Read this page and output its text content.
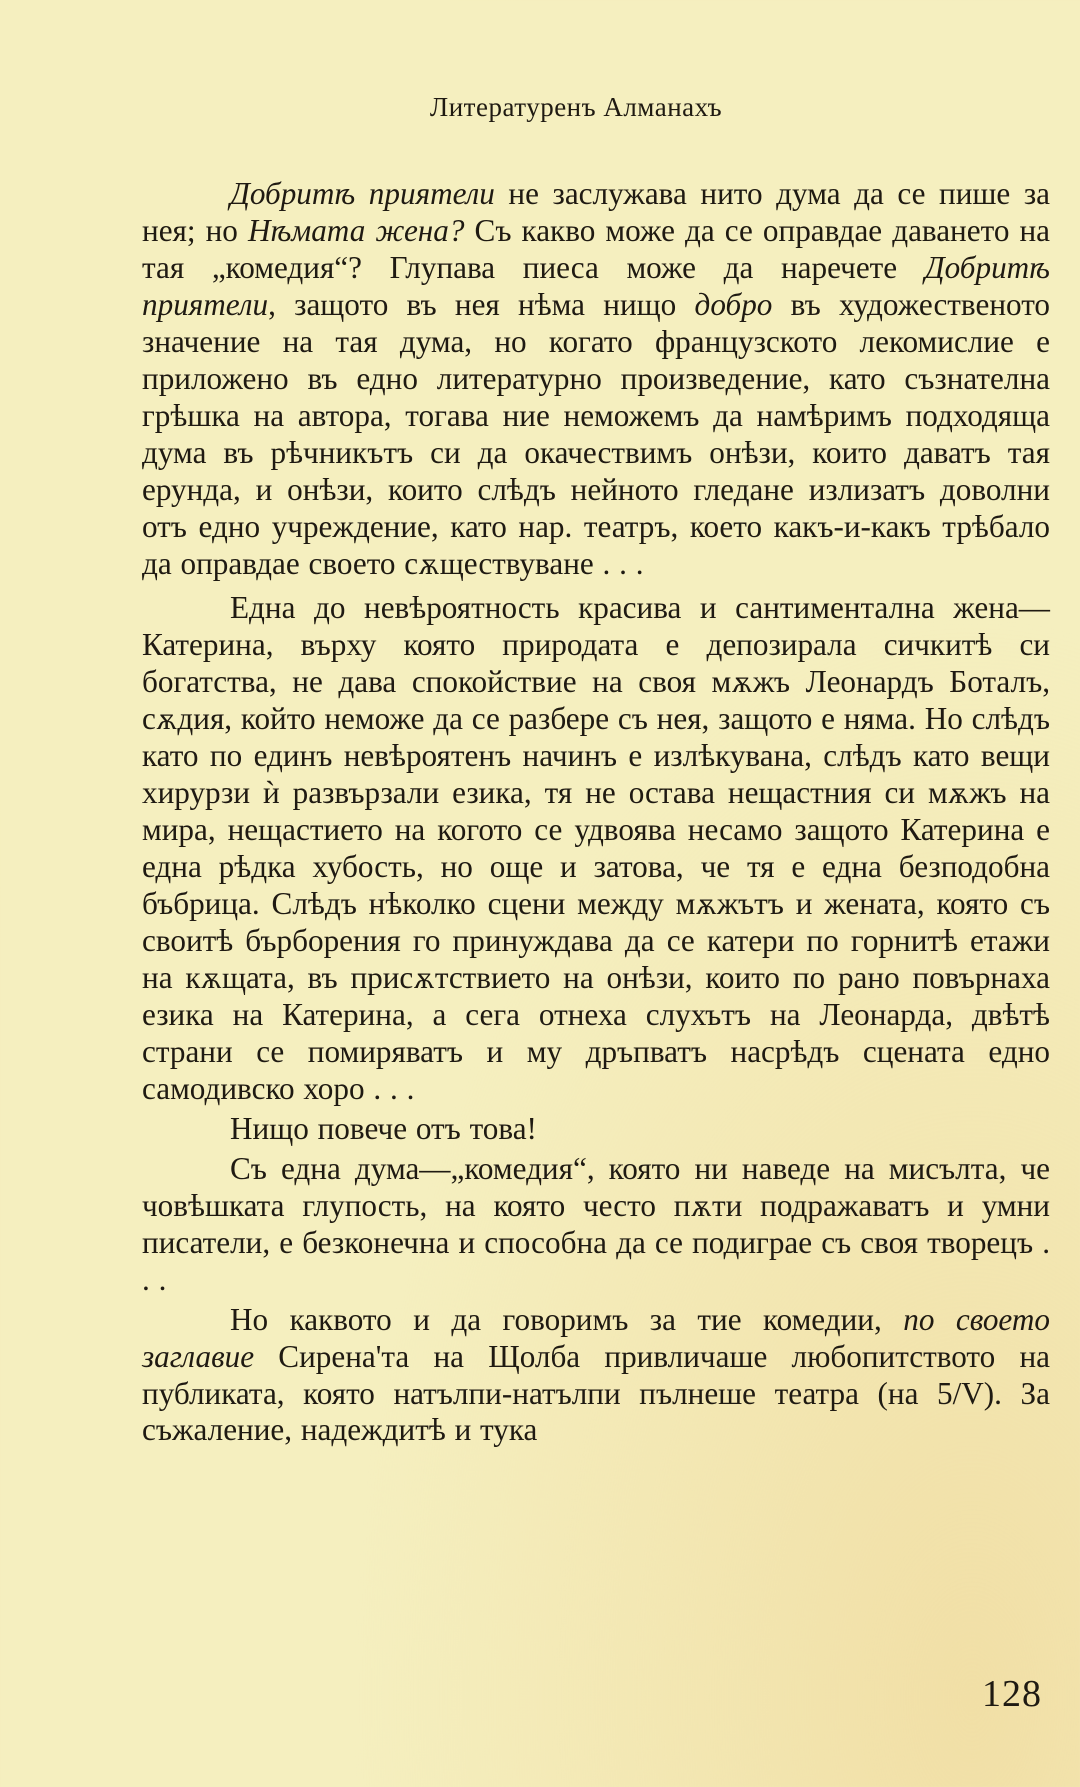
Литературенъ Алманахъ

Добритѣ приятели не заслужава нито дума да се пише за нея; но Нѣмата жена? Съ какво може да се оправдае даването на тая „комедия“? Глупава пиеса може да наречете Добритѣ приятели, защото въ нея нѣма нищо добро въ художественото значение на тая дума, но когато французското лекомислие е приложено въ едно литературно произведение, като съзнателна грѣшка на автора, тогава ние неможемъ да намѣримъ подходяща дума въ рѣчникътъ си да окачествимъ онѣзи, които даватъ тая ерунда, и онѣзи, които слѣдъ нейното гледане излизатъ доволни отъ едно учреждение, като нар. театръ, което какъ-и-какъ трѣбало да оправдае своето сѫществуване . . .

Една до невѣроятность красива и сантиментална жена—Катерина, върху която природата е депозирала сичкитѣ си богатства, не дава спокойствие на своя мѫжъ Леонардъ Боталъ, сѫдия, който неможе да се разбере съ нея, защото е няма. Но слѣдъ като по единъ невѣроятенъ начинъ е излѣкувана, слѣдъ като вещи хирурзи ѝ развързали езика, тя не остава нещастния си мѫжъ на мира, нещастието на когото се удвоява несамо защото Катерина е една рѣдка хубость, но още и затова, че тя е една безподобна бъбрица. Слѣдъ нѣколко сцени между мѫжътъ и жената, която съ своитѣ бърборения го принуждава да се катери по горнитѣ етажи на кѫщата, въ присѫтствието на онѣзи, които по рано повърнаха езика на Катерина, а сега отнеха слухътъ на Леонарда, двѣтѣ страни се помиряватъ и му дръпватъ насрѣдъ сцената едно самодивско хоро . . .

Нищо повече отъ това!

Съ една дума—„комедия“, която ни наведе на мисълта, че човѣшката глупость, на която често пѫти подражаватъ и умни писатели, е безконечна и способна да се подиграе съ своя творецъ . . .

Но каквото и да говоримъ за тие комедии, по своето заглавие Сирена'та на Щолба привличаше любопитството на публиката, която натълпи-натълпи пълнеше театра (на 5/V). За съжаление, надеждитѣ и тука

128
